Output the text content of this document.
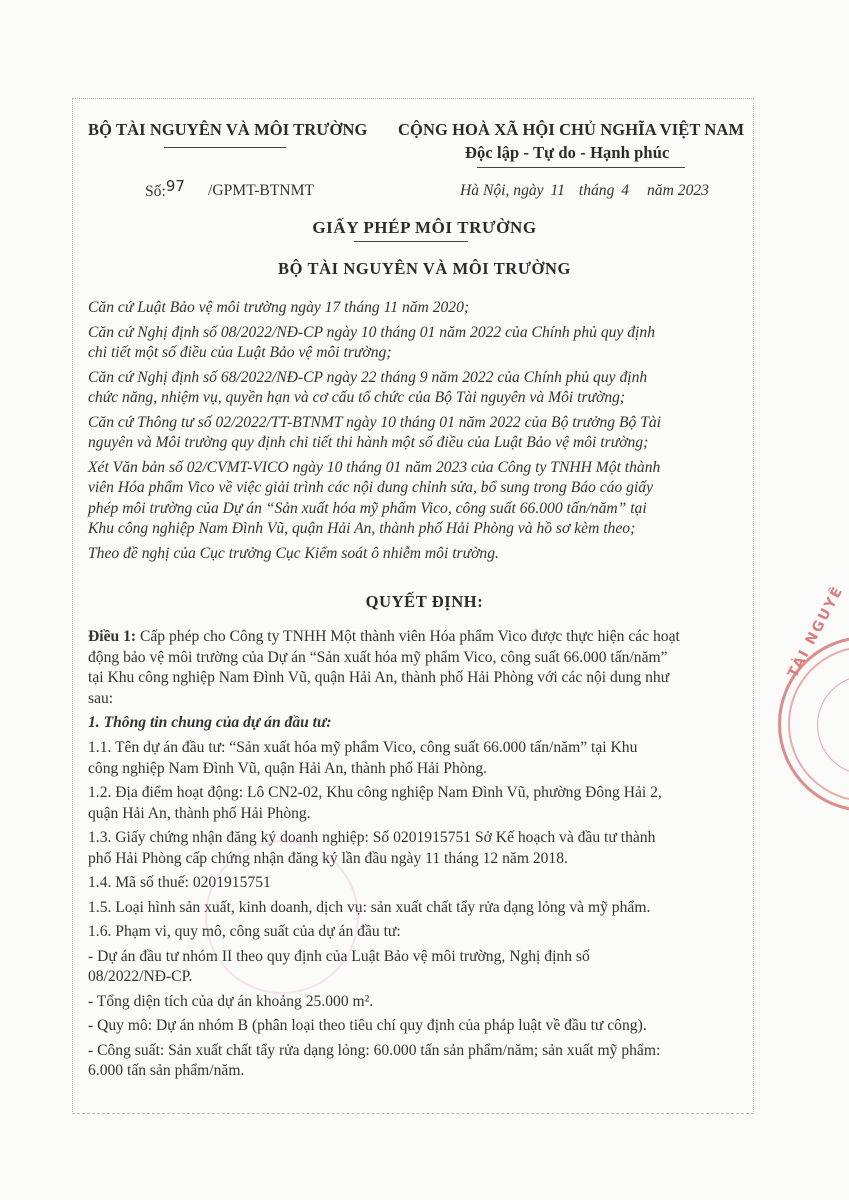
BỘ TÀI NGUYÊN VÀ MÔI TRƯỜNG CỘNG HOÀ XÃ HỘI CHỦ NGHĨA VIỆT NAM
Độc lập - Tự do - Hạnh phúc
Số:97 /GPMT-BTNMT	Hà Nội, ngày 11 tháng 4 năm 2023
GIẤY PHÉP MÔI TRƯỜNG
BỘ TÀI NGUYÊN VÀ MÔI TRƯỜNG
Căn cứ Luật Bảo vệ môi trường ngày 17 tháng 11 năm 2020;
Căn cứ Nghị định số 08/2022/NĐ-CP ngày 10 tháng 01 năm 2022 của Chính phủ quy định
chi tiết một số điều của Luật Bảo vệ môi trường;
Căn cứ Nghị định số 68/2022/NĐ-CP ngày 22 tháng 9 năm 2022 của Chính phủ quy định
chức năng, nhiệm vụ, quyền hạn và cơ cấu tổ chức của Bộ Tài nguyên và Môi trường;
Căn cứ Thông tư số 02/2022/TT-BTNMT ngày 10 tháng 01 năm 2022 của Bộ trưởng Bộ Tài
nguyên và Môi trường quy định chi tiết thi hành một số điều của Luật Bảo vệ môi trường;
Xét Văn bản số 02/CVMT-VICO ngày 10 tháng 01 năm 2023 của Công ty TNHH Một thành
viên Hóa phẩm Vico về việc giải trình các nội dung chỉnh sửa, bổ sung trong Báo cáo giấy
phép môi trường của Dự án “Sản xuất hóa mỹ phẩm Vico, công suất 66.000 tấn/năm” tại
Khu công nghiệp Nam Đình Vũ, quận Hải An, thành phố Hải Phòng và hồ sơ kèm theo;
Theo đề nghị của Cục trưởng Cục Kiểm soát ô nhiễm môi trường.
QUYẾT ĐỊNH:
Điều 1: Cấp phép cho Công ty TNHH Một thành viên Hóa phẩm Vico được thực hiện các hoạt
động bảo vệ môi trường của Dự án “Sản xuất hóa mỹ phẩm Vico, công suất 66.000 tấn/năm”
tại Khu công nghiệp Nam Đình Vũ, quận Hải An, thành phố Hải Phòng với các nội dung như
sau:
1. Thông tin chung của dự án đầu tư:
1.1. Tên dự án đầu tư: “Sản xuất hóa mỹ phẩm Vico, công suất 66.000 tấn/năm” tại Khu
công nghiệp Nam Đình Vũ, quận Hải An, thành phố Hải Phòng.
1.2. Địa điểm hoạt động: Lô CN2-02, Khu công nghiệp Nam Đình Vũ, phường Đông Hải 2,
quận Hải An, thành phố Hải Phòng.
1.3. Giấy chứng nhận đăng ký doanh nghiệp: Số 0201915751 Sở Kế hoạch và đầu tư thành
phố Hải Phòng cấp chứng nhận đăng ký lần đầu ngày 11 tháng 12 năm 2018.
1.4. Mã số thuế: 0201915751
1.5. Loại hình sản xuất, kinh doanh, dịch vụ: sản xuất chất tẩy rửa dạng lỏng và mỹ phẩm.
1.6. Phạm vi, quy mô, công suất của dự án đầu tư:
- Dự án đầu tư nhóm II theo quy định của Luật Bảo vệ môi trường, Nghị định số
08/2022/NĐ-CP.
- Tổng diện tích của dự án khoảng 25.000 m².
- Quy mô: Dự án nhóm B (phân loại theo tiêu chí quy định của pháp luật về đầu tư công).
- Công suất: Sản xuất chất tẩy rửa dạng lỏng: 60.000 tấn sản phẩm/năm; sản xuất mỹ phẩm:
6.000 tấn sản phẩm/năm.
TÀI NGUYÊ
